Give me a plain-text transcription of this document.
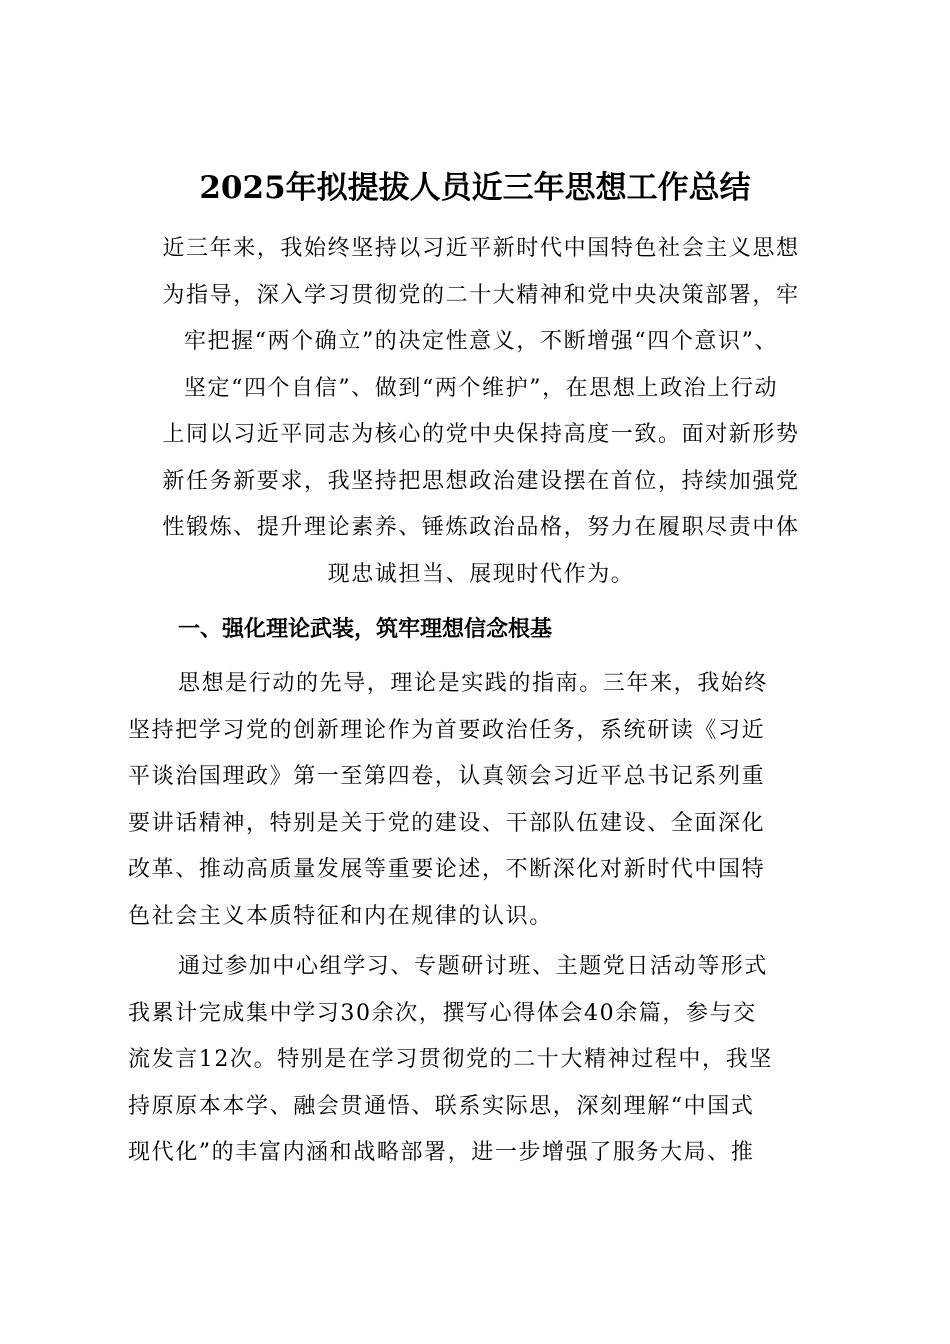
2025年拟提拔人员近三年思想工作总结
近三年来，我始终坚持以习近平新时代中国特色社会主义思想
为指导，深入学习贯彻党的二十大精神和党中央决策部署，牢
牢把握“两个确立”的决定性意义，不断增强“四个意识”、
坚定“四个自信”、做到“两个维护”，在思想上政治上行动
上同以习近平同志为核心的党中央保持高度一致。面对新形势
新任务新要求，我坚持把思想政治建设摆在首位，持续加强党
性锻炼、提升理论素养、锤炼政治品格，努力在履职尽责中体
现忠诚担当、展现时代作为。
一、强化理论武装，筑牢理想信念根基
思想是行动的先导，理论是实践的指南。三年来，我始终
坚持把学习党的创新理论作为首要政治任务，系统研读《习近
平谈治国理政》第一至第四卷，认真领会习近平总书记系列重
要讲话精神，特别是关于党的建设、干部队伍建设、全面深化
改革、推动高质量发展等重要论述，不断深化对新时代中国特
色社会主义本质特征和内在规律的认识。
通过参加中心组学习、专题研讨班、主题党日活动等形式
我累计完成集中学习30余次，撰写心得体会40余篇，参与交
流发言12次。特别是在学习贯彻党的二十大精神过程中，我坚
持原原本本学、融会贯通悟、联系实际思，深刻理解“中国式
现代化”的丰富内涵和战略部署，进一步增强了服务大局、推
